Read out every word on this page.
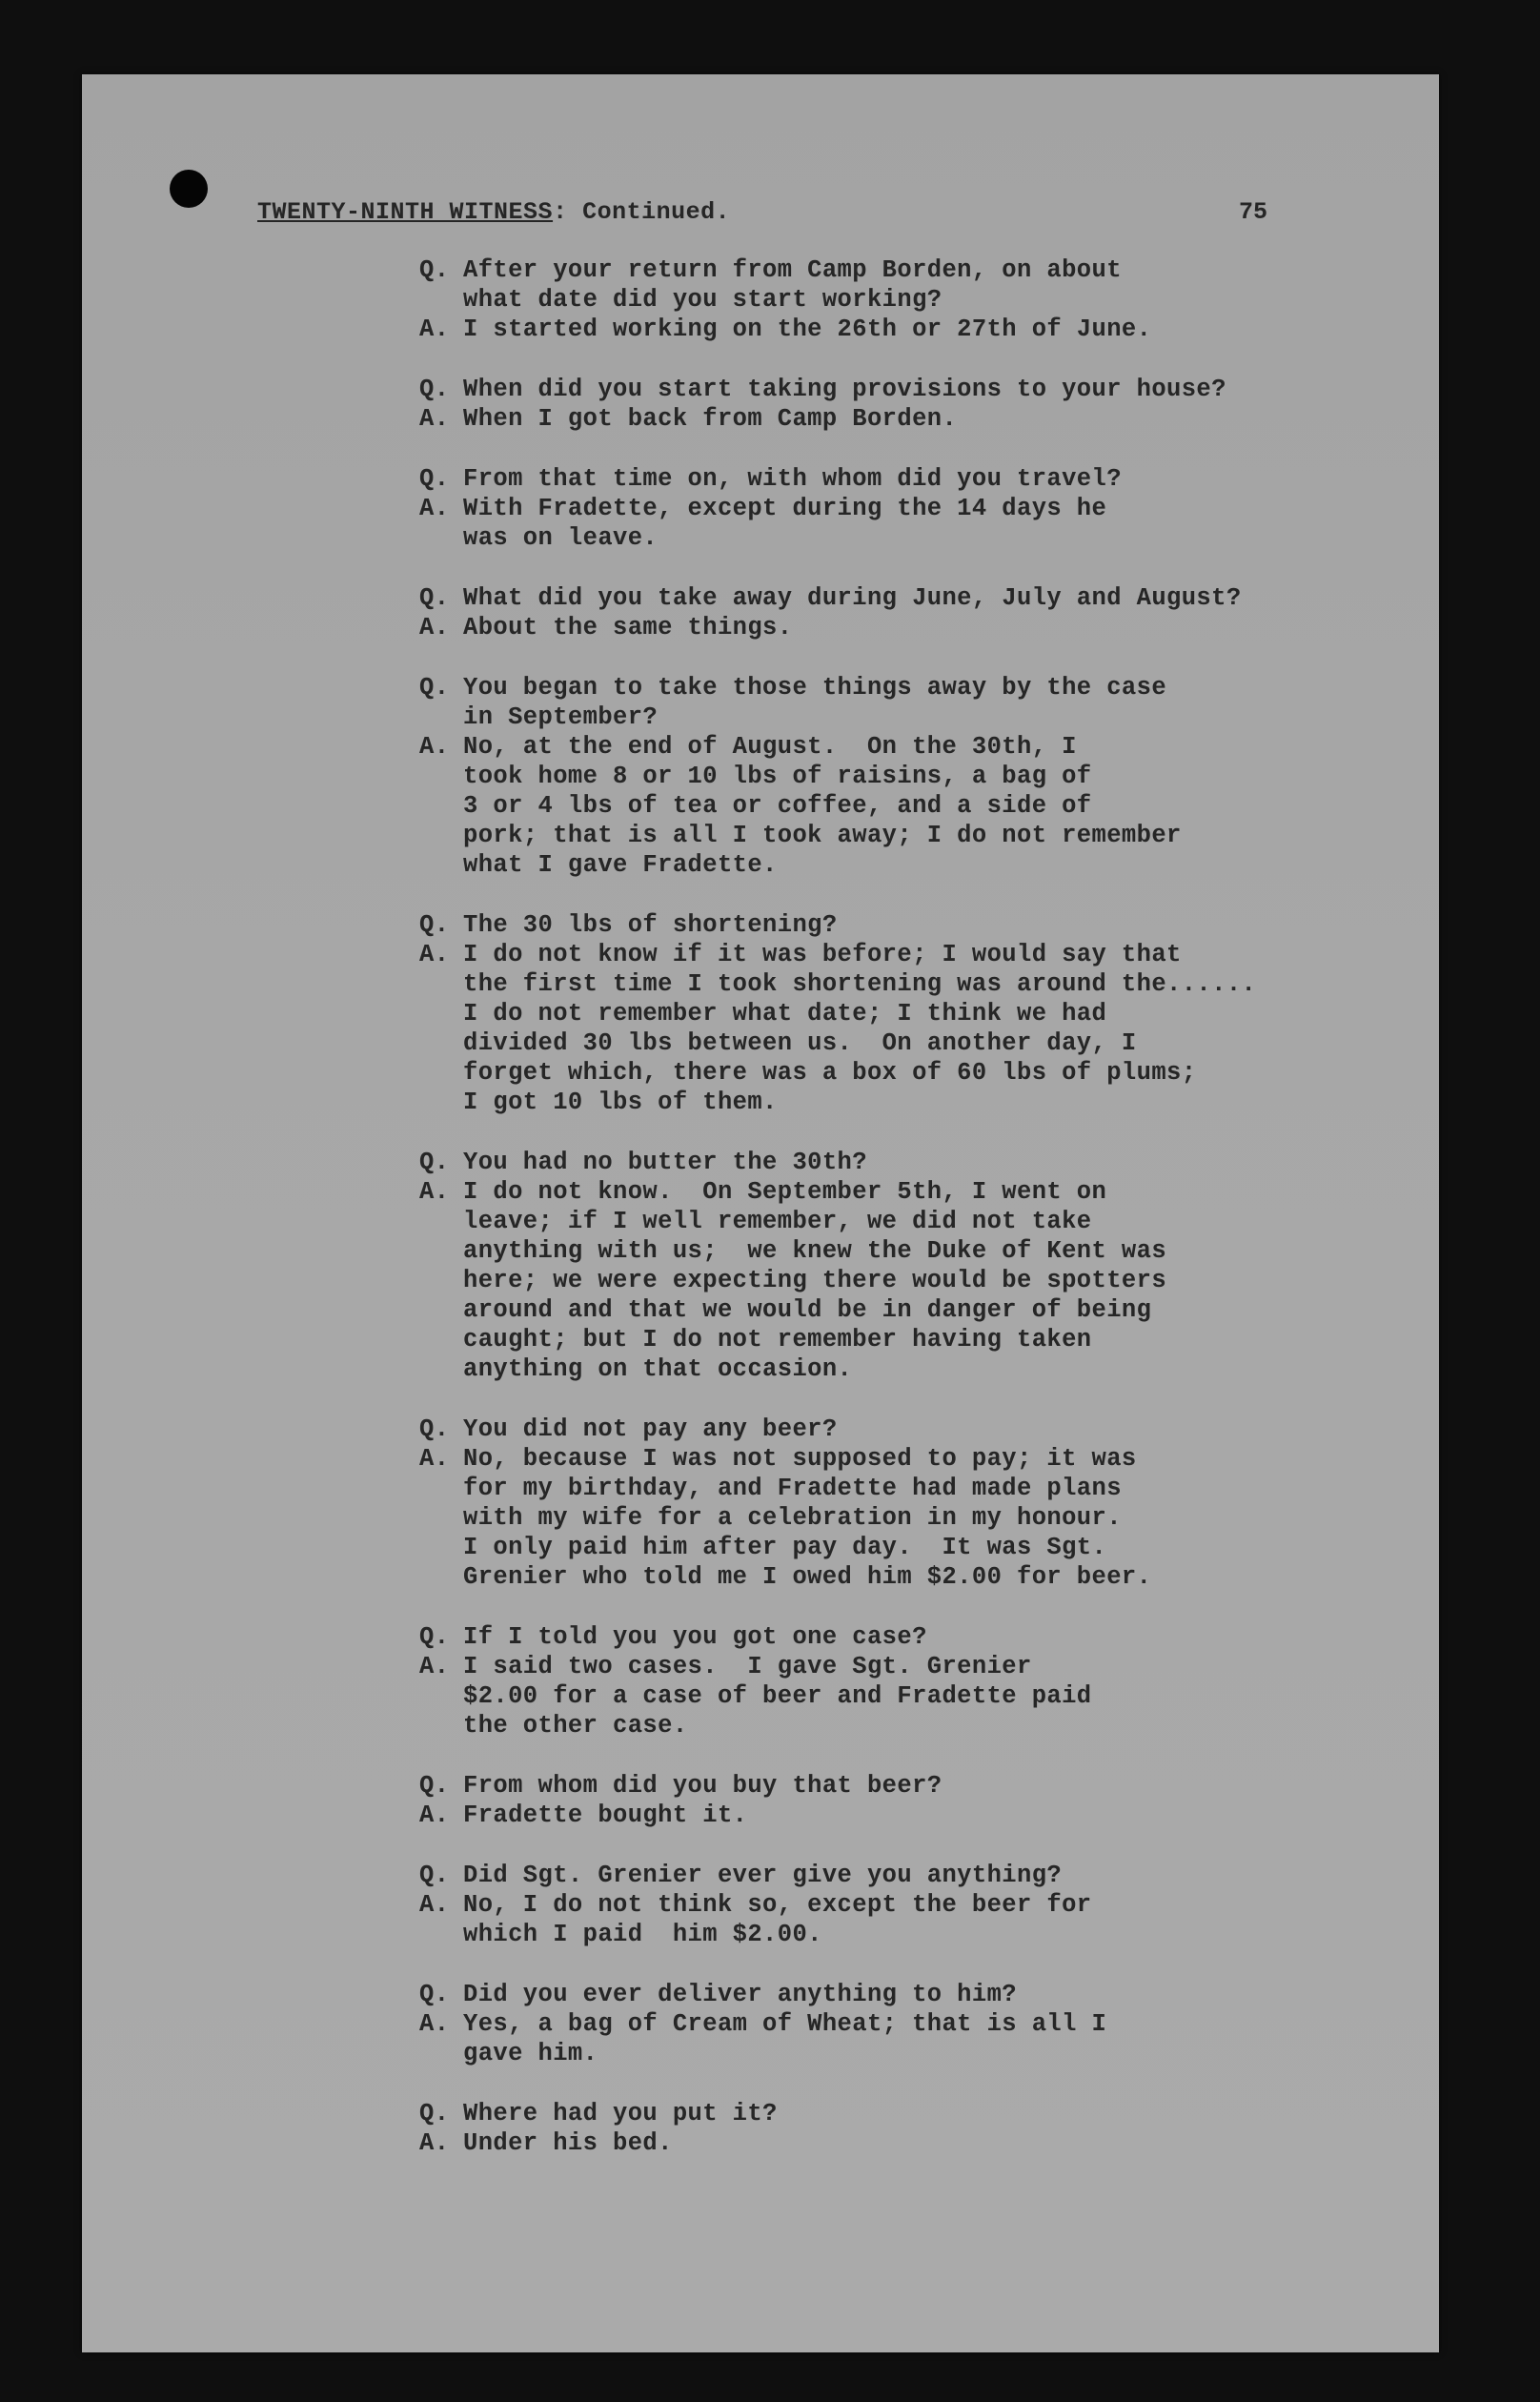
TWENTY-NINTH WITNESS: Continued.	75
Q. After your return from Camp Borden, on about
what date did you start working?
A. I started working on the 26th or 27th of June.
Q. When did you start taking provisions to your house?
A. When I got back from Camp Borden.
Q. From that time on, with whom did you travel?
A. With Fradette, except during the 14 days he
was on leave.
Q. What did you take away during June, July and August?
A. About the same things.
Q. You began to take those things away by the case
in September?
A. No, at the end of August.  On the 30th, I
took home 8 or 10 lbs of raisins, a bag of
3 or 4 lbs of tea or coffee, and a side of
pork; that is all I took away; I do not remember
what I gave Fradette.
Q. The 30 lbs of shortening?
A. I do not know if it was before; I would say that
the first time I took shortening was around the......
I do not remember what date; I think we had
divided 30 lbs between us.  On another day, I
forget which, there was a box of 60 lbs of plums;
I got 10 lbs of them.
Q. You had no butter the 30th?
A. I do not know.  On September 5th, I went on
leave; if I well remember, we did not take
anything with us;  we knew the Duke of Kent was
here; we were expecting there would be spotters
around and that we would be in danger of being
caught; but I do not remember having taken
anything on that occasion.
Q. You did not pay any beer?
A. No, because I was not supposed to pay; it was
for my birthday, and Fradette had made plans
with my wife for a celebration in my honour.
I only paid him after pay day.  It was Sgt.
Grenier who told me I owed him $2.00 for beer.
Q. If I told you you got one case?
A. I said two cases.  I gave Sgt. Grenier
$2.00 for a case of beer and Fradette paid
the other case.
Q. From whom did you buy that beer?
A. Fradette bought it.
Q. Did Sgt. Grenier ever give you anything?
A. No, I do not think so, except the beer for
which I paid  him $2.00.
Q. Did you ever deliver anything to him?
A. Yes, a bag of Cream of Wheat; that is all I
gave him.
Q. Where had you put it?
A. Under his bed.
